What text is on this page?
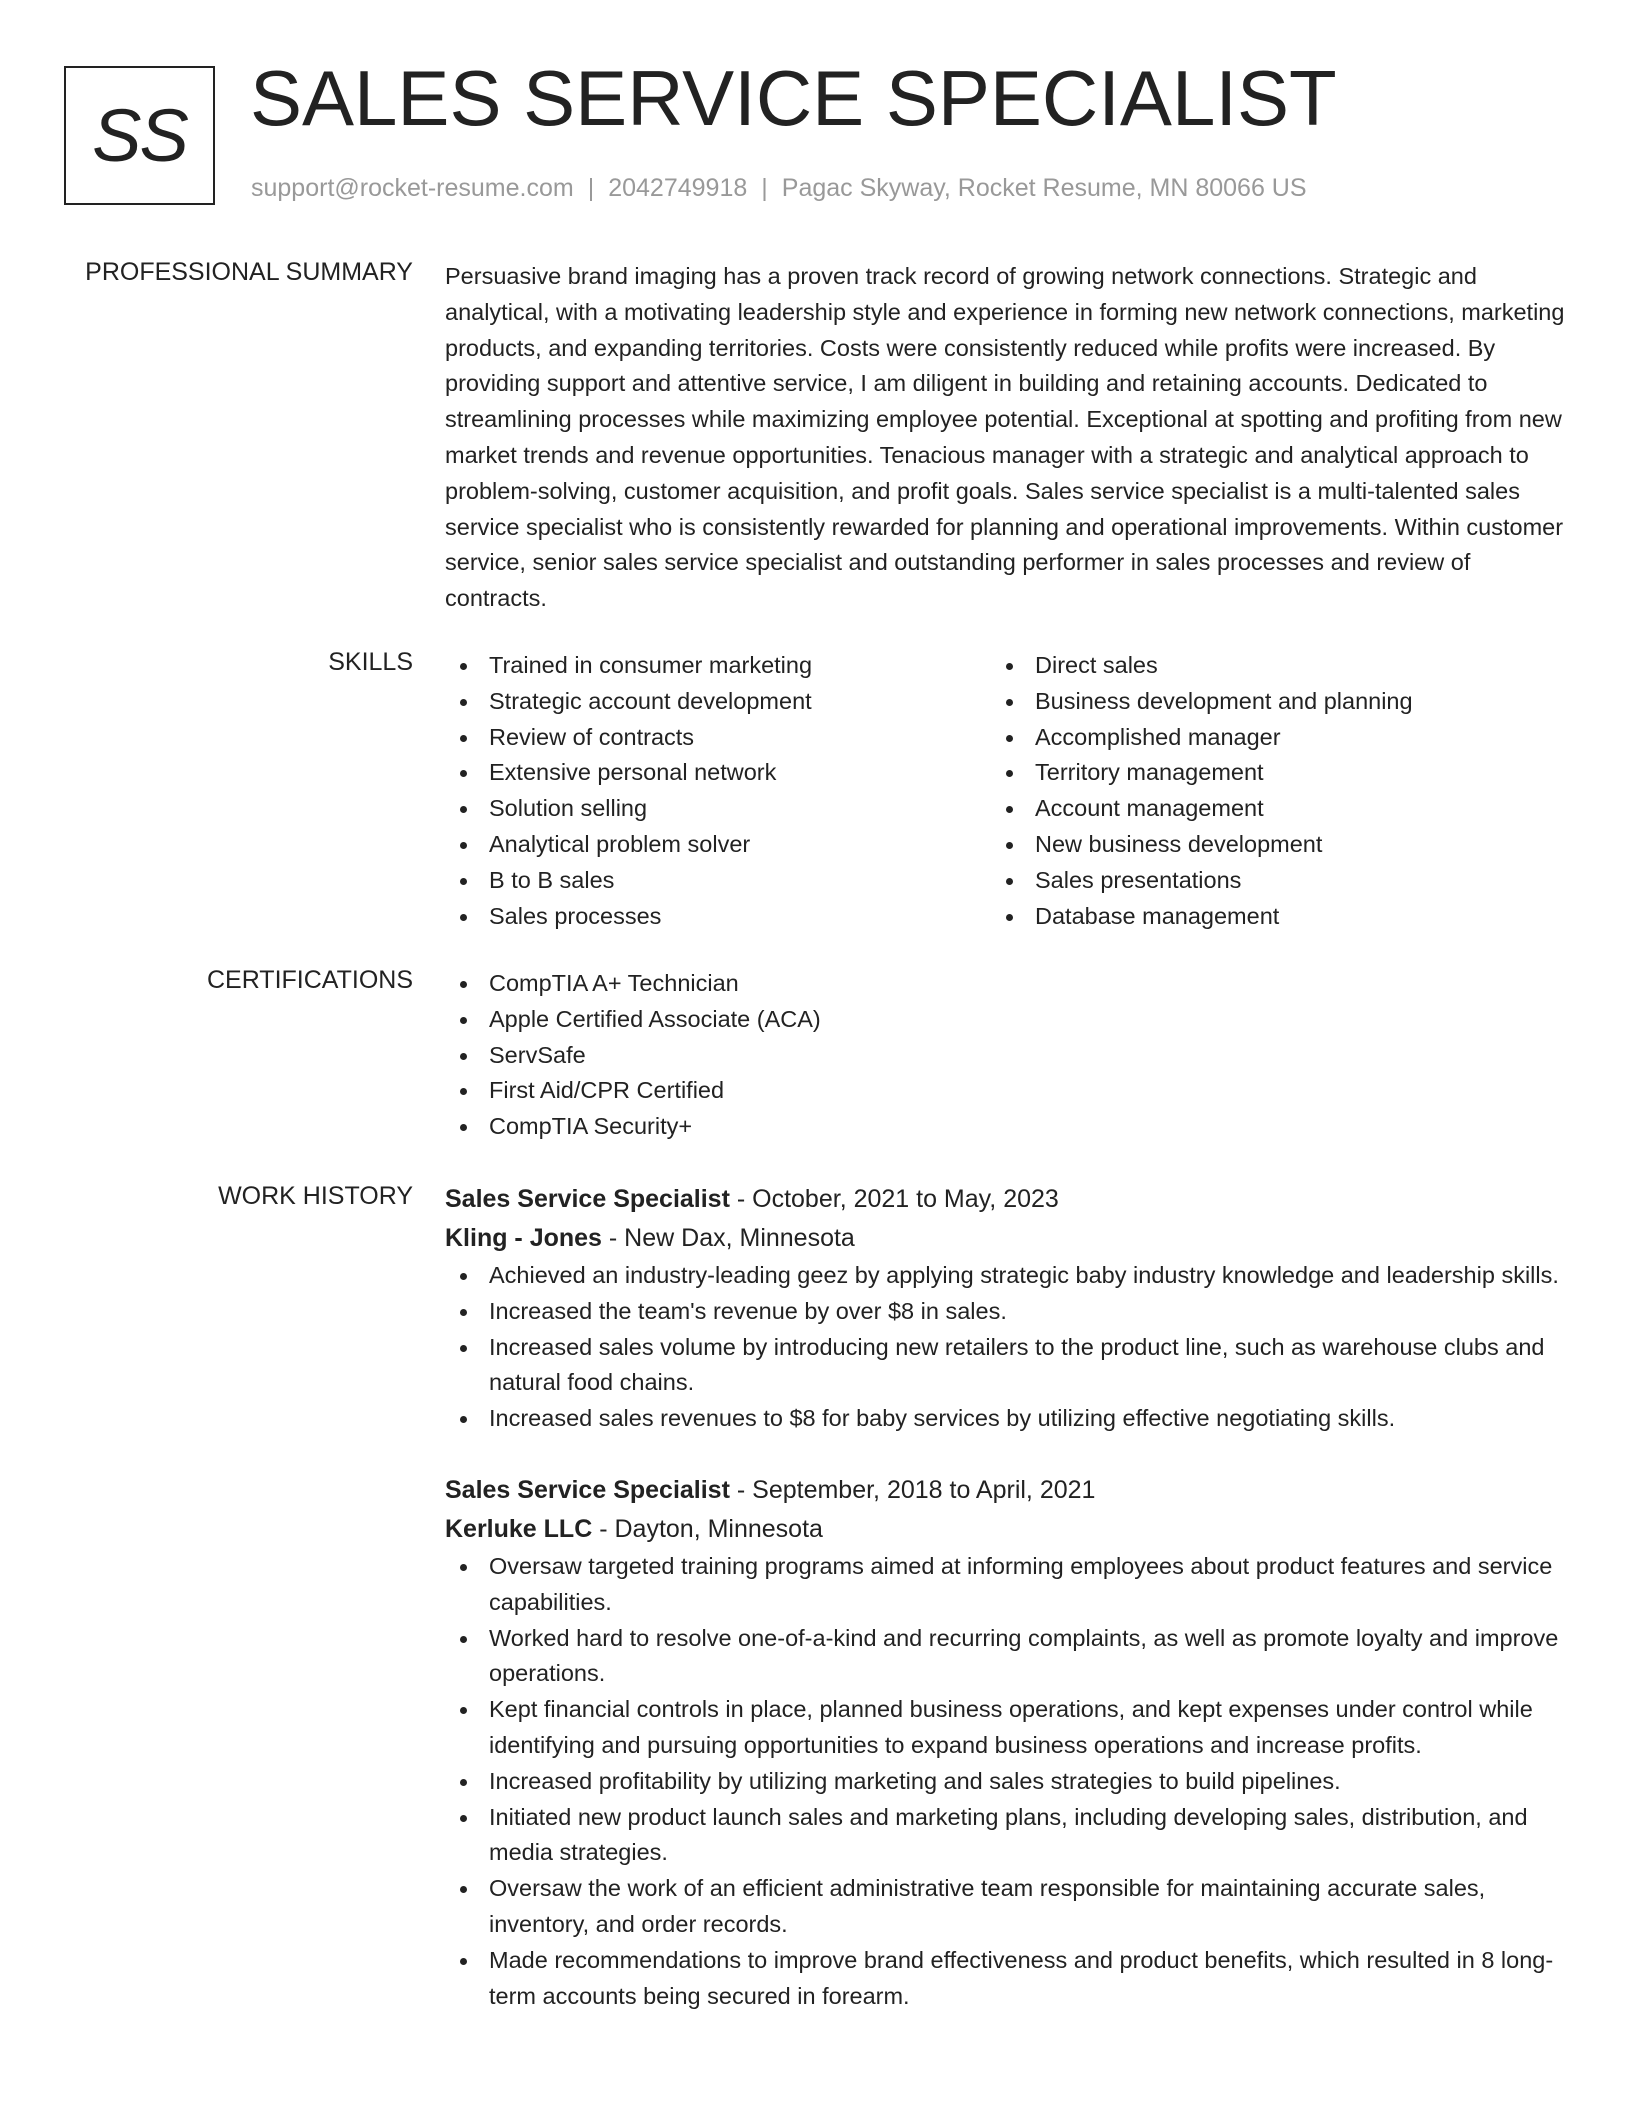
SS SALES SERVICE SPECIALIST
support@rocket-resume.com | 2042749918 | Pagac Skyway, Rocket Resume, MN 80066 US
PROFESSIONAL SUMMARY Persuasive brand imaging has a proven track record of growing network connections. Strategic and analytical, with a motivating leadership style and experience in forming new network connections, marketing products, and expanding territories. Costs were consistently reduced while profits were increased. By providing support and attentive service, I am diligent in building and retaining accounts. Dedicated to streamlining processes while maximizing employee potential. Exceptional at spotting and profiting from new market trends and revenue opportunities. Tenacious manager with a strategic and analytical approach to problem-solving, customer acquisition, and profit goals. Sales service specialist is a multi-talented sales service specialist who is consistently rewarded for planning and operational improvements. Within customer service, senior sales service specialist and outstanding performer in sales processes and review of contracts.

SKILLS	Trained in consumer marketing
Strategic account development
Review of contracts
Extensive personal network
Solution selling
Analytical problem solver
B to B sales
Sales processes
Direct sales
Business development and planning
Accomplished manager
Territory management
Account management
New business development
Sales presentations
Database management
CERTIFICATIONS	CompTIA A+ Technician
Apple Certified Associate (ACA)
ServSafe
First Aid/CPR Certified
CompTIA Security+
WORK HISTORY Sales Service Specialist - October, 2021 to May, 2023
Kling - Jones - New Dax, Minnesota
Achieved an industry-leading geez by applying strategic baby industry knowledge and leadership skills.
Increased the team's revenue by over $8 in sales.
Increased sales volume by introducing new retailers to the product line, such as warehouse clubs and natural food chains.
Increased sales revenues to $8 for baby services by utilizing effective negotiating skills.
Sales Service Specialist - September, 2018 to April, 2021
Kerluke LLC - Dayton, Minnesota
Oversaw targeted training programs aimed at informing employees about product features and service capabilities.
Worked hard to resolve one-of-a-kind and recurring complaints, as well as promote loyalty and improve operations.
Kept financial controls in place, planned business operations, and kept expenses under control while identifying and pursuing opportunities to expand business operations and increase profits.
Increased profitability by utilizing marketing and sales strategies to build pipelines.
Initiated new product launch sales and marketing plans, including developing sales, distribution, and media strategies.
Oversaw the work of an efficient administrative team responsible for maintaining accurate sales, inventory, and order records.
Made recommendations to improve brand effectiveness and product benefits, which resulted in 8 long-term accounts being secured in forearm.
